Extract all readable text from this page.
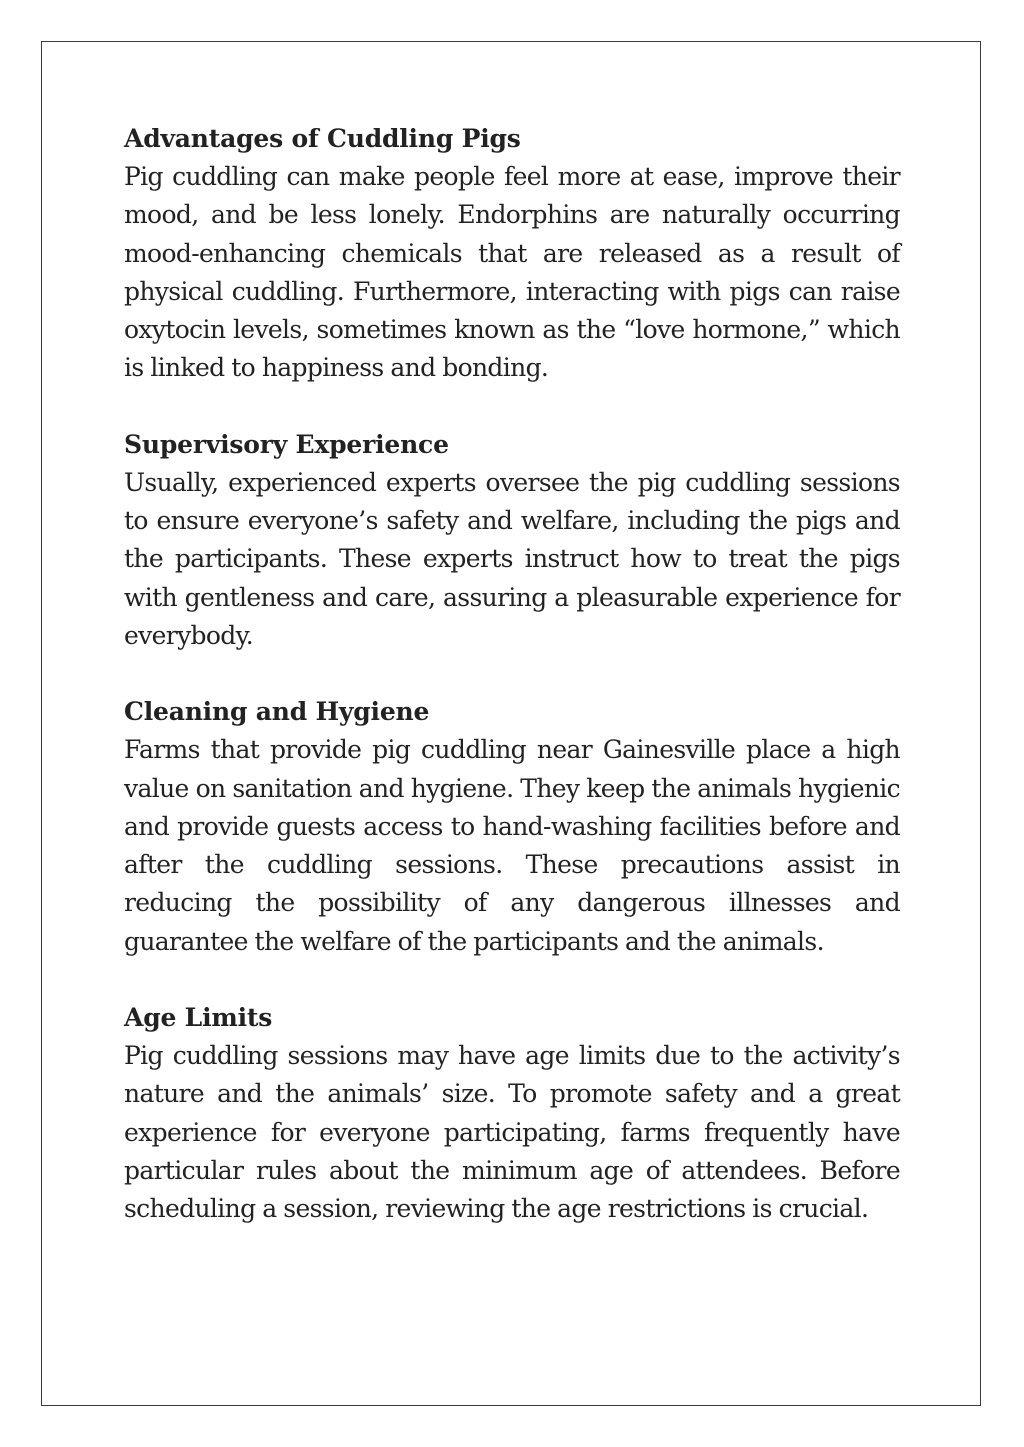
Advantages of Cuddling Pigs

Pig cuddling can make people feel more at ease, improve their mood, and be less lonely. Endorphins are naturally occurring mood-enhancing chemicals that are released as a result of physical cuddling. Furthermore, interacting with pigs can raise oxytocin levels, sometimes known as the “love hormone,” which is linked to happiness and bonding.

Supervisory Experience

Usually, experienced experts oversee the pig cuddling sessions to ensure everyone’s safety and welfare, including the pigs and the participants. These experts instruct how to treat the pigs with gentleness and care, assuring a pleasurable experience for everybody.

Cleaning and Hygiene

Farms that provide pig cuddling near Gainesville place a high value on sanitation and hygiene. They keep the animals hygienic and provide guests access to hand-washing facilities before and after the cuddling sessions. These precautions assist in reducing the possibility of any dangerous illnesses and guarantee the welfare of the participants and the animals.

Age Limits

Pig cuddling sessions may have age limits due to the activity’s nature and the animals’ size. To promote safety and a great experience for everyone participating, farms frequently have particular rules about the minimum age of attendees. Before scheduling a session, reviewing the age restrictions is crucial.
